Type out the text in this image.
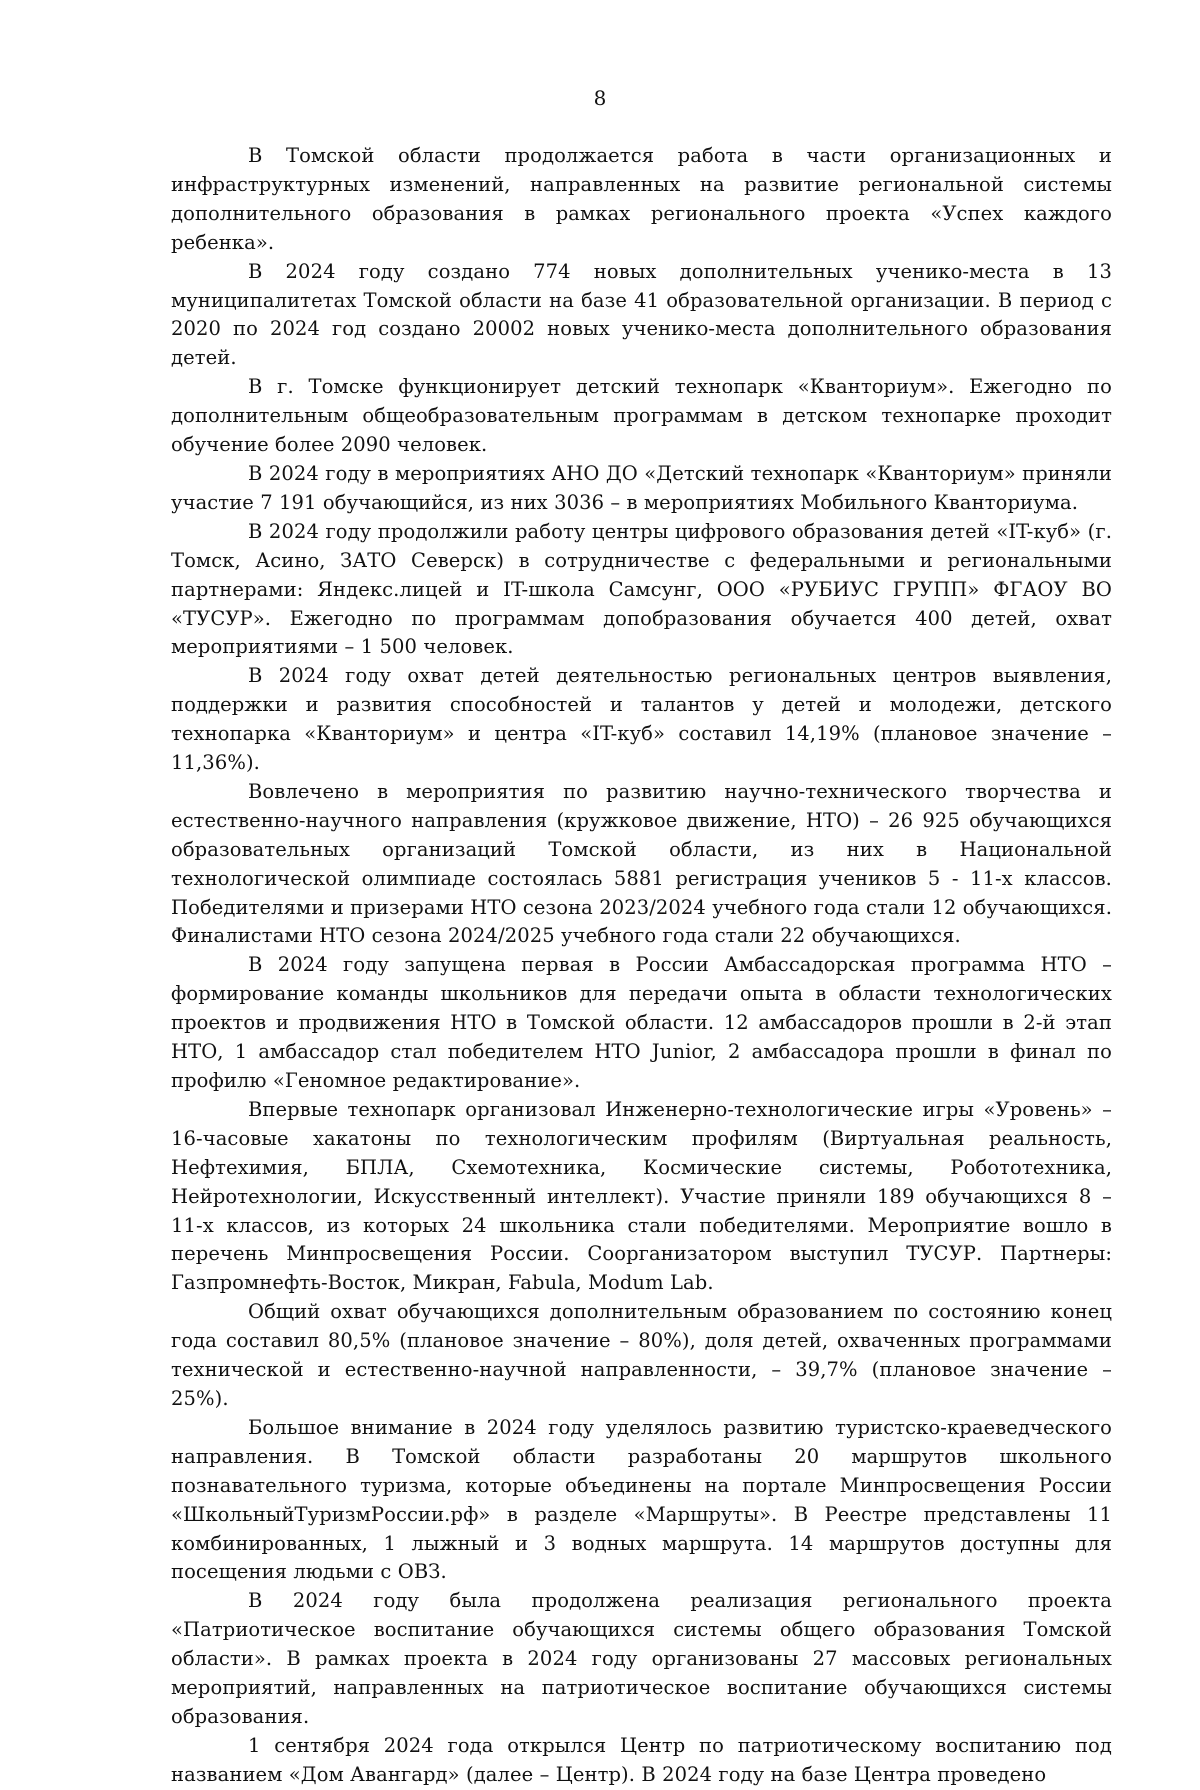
8

В Томской области продолжается работа в части организационных и инфраструктурных изменений, направленных на развитие региональной системы дополнительного образования в рамках регионального проекта «Успех каждого ребенка».

В 2024 году создано 774 новых дополнительных ученико-места в 13 муниципалитетах Томской области на базе 41 образовательной организации. В период с 2020 по 2024 год создано 20002 новых ученико-места дополнительного образования детей.

В г. Томске функционирует детский технопарк «Кванториум». Ежегодно по дополнительным общеобразовательным программам в детском технопарке проходит обучение более 2090 человек.

В 2024 году в мероприятиях АНО ДО «Детский технопарк «Кванториум» приняли участие 7 191 обучающийся, из них 3036 – в мероприятиях Мобильного Кванториума.

В 2024 году продолжили работу центры цифрового образования детей «IT-куб» (г. Томск, Асино, ЗАТО Северск) в сотрудничестве с федеральными и региональными партнерами: Яндекс.лицей и IT-школа Самсунг, ООО «РУБИУС ГРУПП» ФГАОУ ВО «ТУСУР». Ежегодно по программам допобразования обучается 400 детей, охват мероприятиями – 1 500 человек.

В 2024 году охват детей деятельностью региональных центров выявления, поддержки и развития способностей и талантов у детей и молодежи, детского технопарка «Кванториум» и центра «IT-куб» составил 14,19% (плановое значение – 11,36%).

Вовлечено в мероприятия по развитию научно-технического творчества и естественно-научного направления (кружковое движение, НТО) – 26 925 обучающихся образовательных организаций Томской области, из них в Национальной технологической олимпиаде состоялась 5881 регистрация учеников 5 - 11-х классов. Победителями и призерами НТО сезона 2023/2024 учебного года стали 12 обучающихся. Финалистами НТО сезона 2024/2025 учебного года стали 22 обучающихся.

В 2024 году запущена первая в России Амбассадорская программа НТО – формирование команды школьников для передачи опыта в области технологических проектов и продвижения НТО в Томской области. 12 амбассадоров прошли в 2-й этап НТО, 1 амбассадор стал победителем НТО Junior, 2 амбассадора прошли в финал по профилю «Геномное редактирование».

Впервые технопарк организовал Инженерно-технологические игры «Уровень» – 16-часовые хакатоны по технологическим профилям (Виртуальная реальность, Нефтехимия, БПЛА, Схемотехника, Космические системы, Робототехника, Нейротехнологии, Искусственный интеллект). Участие приняли 189 обучающихся 8 – 11-х классов, из которых 24 школьника стали победителями. Мероприятие вошло в перечень Минпросвещения России. Соорганизатором выступил ТУСУР. Партнеры: Газпромнефть-Восток, Микран, Fabula, Modum Lab.

Общий охват обучающихся дополнительным образованием по состоянию конец года составил 80,5% (плановое значение – 80%), доля детей, охваченных программами технической и естественно-научной направленности, – 39,7% (плановое значение – 25%).

Большое внимание в 2024 году уделялось развитию туристско-краеведческого направления. В Томской области разработаны 20 маршрутов школьного познавательного туризма, которые объединены на портале Минпросвещения России «ШкольныйТуризмРоссии.рф» в разделе «Маршруты». В Реестре представлены 11 комбинированных, 1 лыжный и 3 водных маршрута. 14 маршрутов доступны для посещения людьми с ОВЗ.

В 2024 году была продолжена реализация регионального проекта «Патриотическое воспитание обучающихся системы общего образования Томской области». В рамках проекта в 2024 году организованы 27 массовых региональных мероприятий, направленных на патриотическое воспитание обучающихся системы образования.

1 сентября 2024 года открылся Центр по патриотическому воспитанию под названием «Дом Авангард» (далее – Центр). В 2024 году на базе Центра проведено
